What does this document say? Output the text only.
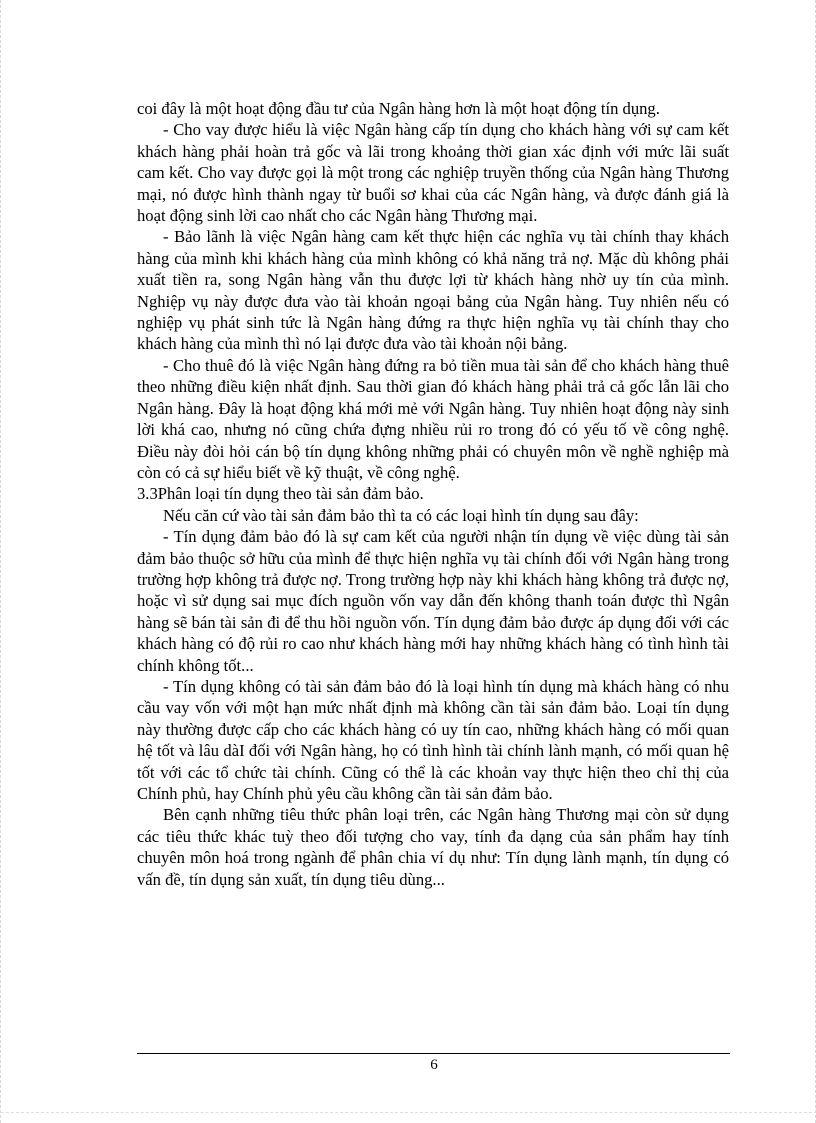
coi đây là một hoạt động đầu tư của Ngân hàng hơn là một hoạt động tín dụng.

- Cho vay được hiểu là việc Ngân hàng cấp tín dụng cho khách hàng với sự cam kết khách hàng phải hoàn trả gốc và lãi trong khoảng thời gian xác định với mức lãi suất cam kết. Cho vay được gọi là một trong các nghiệp truyền thống của Ngân hàng Thương mại, nó được hình thành ngay từ buổi sơ khai của các Ngân hàng, và được đánh giá là hoạt động sinh lời cao nhất cho các Ngân hàng Thương mại.

- Bảo lãnh là việc Ngân hàng cam kết thực hiện các nghĩa vụ tài chính thay khách hàng của mình khi khách hàng của mình không có khả năng trả nợ. Mặc dù không phải xuất tiền ra, song Ngân hàng vẫn thu được lợi từ khách hàng nhờ uy tín của mình. Nghiệp vụ này được đưa vào tài khoản ngoại bảng của Ngân hàng. Tuy nhiên nếu có nghiệp vụ phát sinh tức là Ngân hàng đứng ra thực hiện nghĩa vụ tài chính thay cho khách hàng của mình thì nó lại được đưa vào tài khoản nội bảng.

- Cho thuê đó là việc Ngân hàng đứng ra bỏ tiền mua tài sản để cho khách hàng thuê theo những điều kiện nhất định. Sau thời gian đó khách hàng phải trả cả gốc lẫn lãi cho Ngân hàng. Đây là hoạt động khá mới mẻ với Ngân hàng. Tuy nhiên hoạt động này sinh lời khá cao, nhưng nó cũng chứa đựng nhiều rủi ro trong đó có yếu tố về công nghệ. Điều này đòi hỏi cán bộ tín dụng không những phải có chuyên môn về nghề nghiệp mà còn có cả sự hiểu biết về kỹ thuật, về công nghệ.

3.3Phân loại tín dụng theo tài sản đảm bảo.

Nếu căn cứ vào tài sản đảm bảo thì ta có các loại hình tín dụng sau đây:

- Tín dụng đảm bảo đó là sự cam kết của người nhận tín dụng về việc dùng tài sản đảm bảo thuộc sở hữu của mình để thực hiện nghĩa vụ tài chính đối với Ngân hàng trong trường hợp không trả được nợ. Trong trường hợp này khi khách hàng không trả được nợ, hoặc vì sử dụng sai mục đích nguồn vốn vay dẫn đến không thanh toán được thì Ngân hàng sẽ bán tài sản đi để thu hồi nguồn vốn. Tín dụng đảm bảo được áp dụng đối với các khách hàng có độ rủi ro cao như khách hàng mới hay những khách hàng có tình hình tài chính không tốt...

- Tín dụng không có tài sản đảm bảo đó là loại hình tín dụng mà khách hàng có nhu cầu vay vốn với một hạn mức nhất định mà không cần tài sản đảm bảo. Loại tín dụng này thường được cấp cho các khách hàng có uy tín cao, những khách hàng có mối quan hệ tốt và lâu dàI đối với Ngân hàng, họ có tình hình tài chính lành mạnh, có mối quan hệ tốt với các tổ chức tài chính. Cũng có thể là các khoản vay thực hiện theo chỉ thị của Chính phủ, hay Chính phủ yêu cầu không cần tài sản đảm bảo.

Bên cạnh những tiêu thức phân loại trên, các Ngân hàng Thương mại còn sử dụng các tiêu thức khác tuỳ theo đối tượng cho vay, tính đa dạng của sản phẩm hay tính chuyên môn hoá trong ngành để phân chia ví dụ như: Tín dụng lành mạnh, tín dụng có vấn đề, tín dụng sản xuất, tín dụng tiêu dùng...

6
